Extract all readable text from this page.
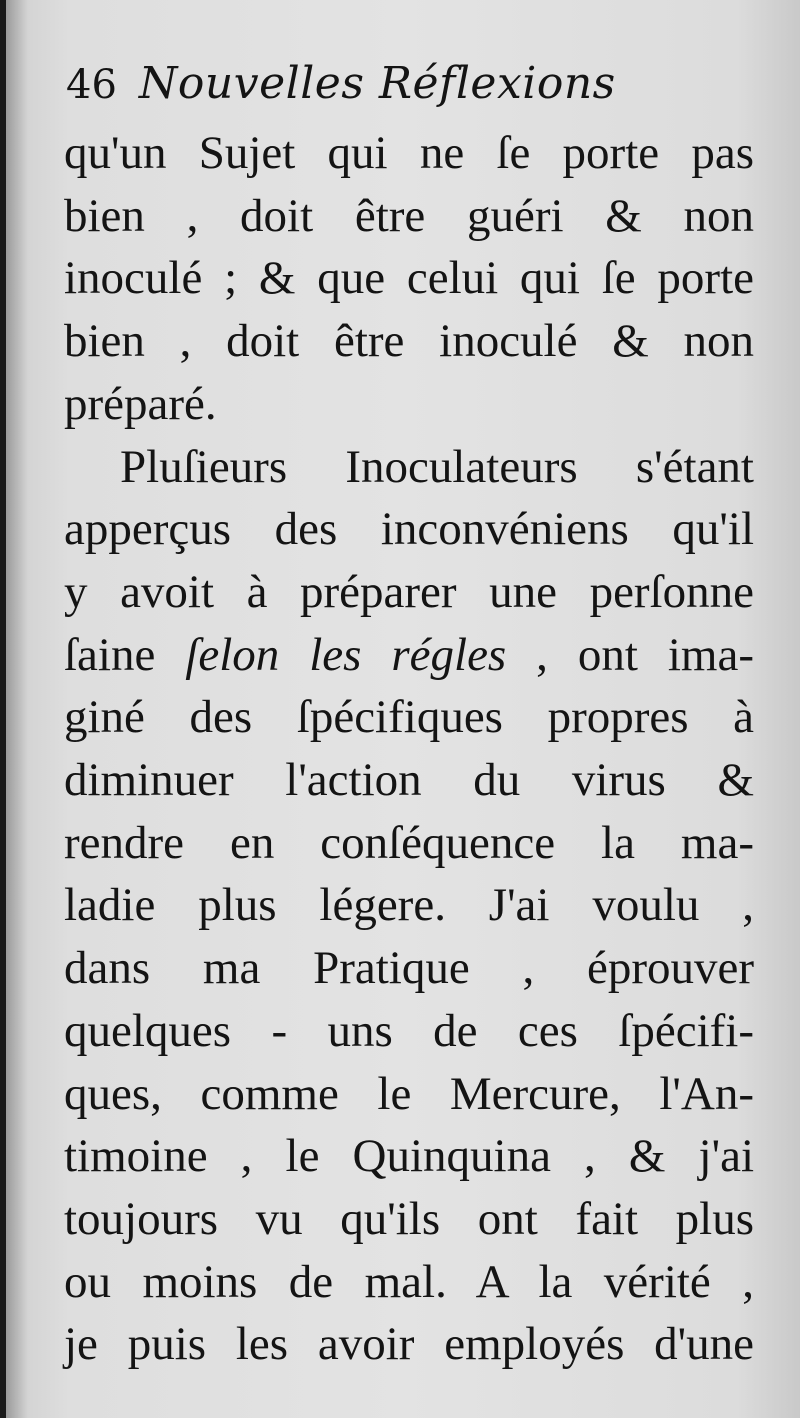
46 Nouvelles Réflexions
qu'un Sujet qui ne ſe porte pas
bien , doit être guéri & non
inoculé ; & que celui qui ſe porte
bien , doit être inoculé & non
préparé.
Pluſieurs Inoculateurs s'étant
apperçus des inconvéniens qu'il
y avoit à préparer une perſonne
ſaine ſelon les régles , ont ima-
giné des ſpécifiques propres à
diminuer l'action du virus &
rendre en conſéquence la ma-
ladie plus légere. J'ai voulu ,
dans ma Pratique , éprouver
quelques - uns de ces ſpécifi-
ques, comme le Mercure, l'An-
timoine , le Quinquina , & j'ai
toujours vu qu'ils ont fait plus
ou moins de mal. A la vérité ,
je puis les avoir employés d'une
